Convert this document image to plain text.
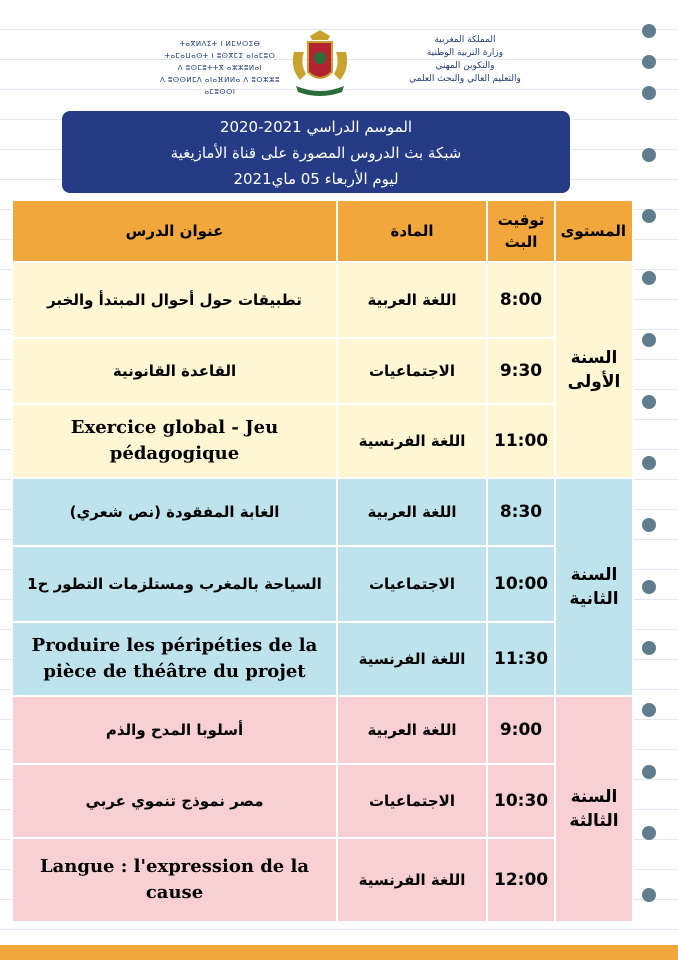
ⵜⴰⴳⵍⴷⵉⵜ ⵏ ⵍⵎⵖⵔⵉⴱ
ⵜⴰⵎⴰⵡⴰⵙⵜ ⵏ ⵓⵙⴳⵎⵉ ⴰⵏⴰⵎⵓⵔ
ⴷ ⵓⵙⵎⵓⵜⵜⴳ ⴰⵣⵣⵓⵍⴰⵏ
ⴷ ⵓⵙⵙⵍⵎⴷ ⴰⵏⴰⴼⵍⵍⴰ ⴷ ⵓⵔⵣⵣⵓ ⴰⵎⵓⵙⵙⵏ
المملكة المغربية
وزارة التربية الوطنية
والتكوين المهني
والتعليم العالي والبحث العلمي
الموسم الدراسي 2021-2020
شبكة بث الدروس المصورة على قناة الأمازيغية
ليوم الأربعاء 05 ماي2021
المستوى	توقيت البث	المادة	عنوان الدرس
السنة الأولى	8:00	اللغة العربية	تطبيقات حول أحوال المبتدأ والخبر
	9:30	الاجتماعيات	القاعدة القانونية
	11:00	اللغة الفرنسية	Exercice global - Jeu pédagogique
السنة الثانية	8:30	اللغة العربية	الغابة المفقودة (نص شعري)
	10:00	الاجتماعيات	السياحة بالمغرب ومستلزمات التطور ح1
	11:30	اللغة الفرنسية	Produire les péripéties de la pièce de théâtre du projet
السنة الثالثة	9:00	اللغة العربية	أسلوبا المدح والذم
	10:30	الاجتماعيات	مصر نموذج تنموي عربي
	12:00	اللغة الفرنسية	Langue : l'expression de la cause
